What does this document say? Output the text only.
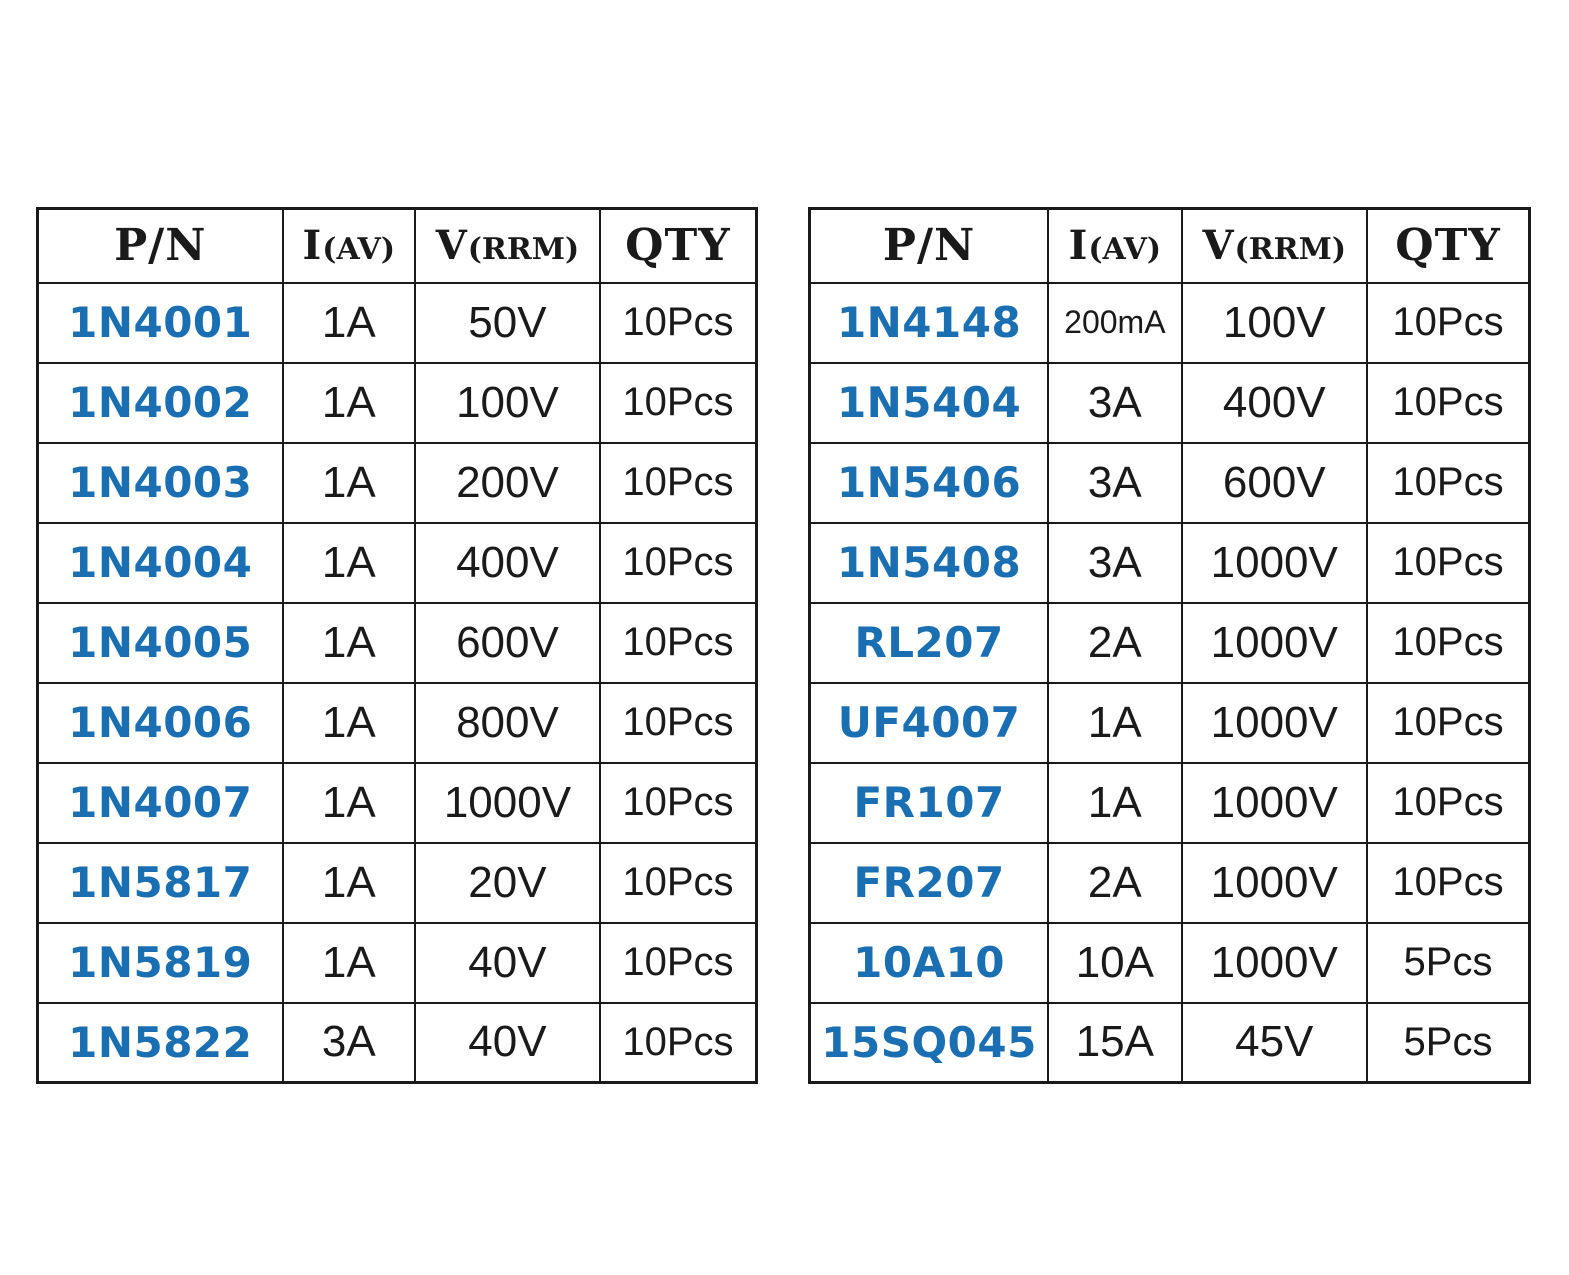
P/N	I(AV)	V(RRM)	QTY
1N4001	1A	50V	10Pcs
1N4002	1A	100V	10Pcs
1N4003	1A	200V	10Pcs
1N4004	1A	400V	10Pcs
1N4005	1A	600V	10Pcs
1N4006	1A	800V	10Pcs
1N4007	1A	1000V	10Pcs
1N5817	1A	20V	10Pcs
1N5819	1A	40V	10Pcs
1N5822	3A	40V	10Pcs
P/N	I(AV)	V(RRM)	QTY
1N4148	200mA	100V	10Pcs
1N5404	3A	400V	10Pcs
1N5406	3A	600V	10Pcs
1N5408	3A	1000V	10Pcs
RL207	2A	1000V	10Pcs
UF4007	1A	1000V	10Pcs
FR107	1A	1000V	10Pcs
FR207	2A	1000V	10Pcs
10A10	10A	1000V	5Pcs
15SQ045	15A	45V	5Pcs
